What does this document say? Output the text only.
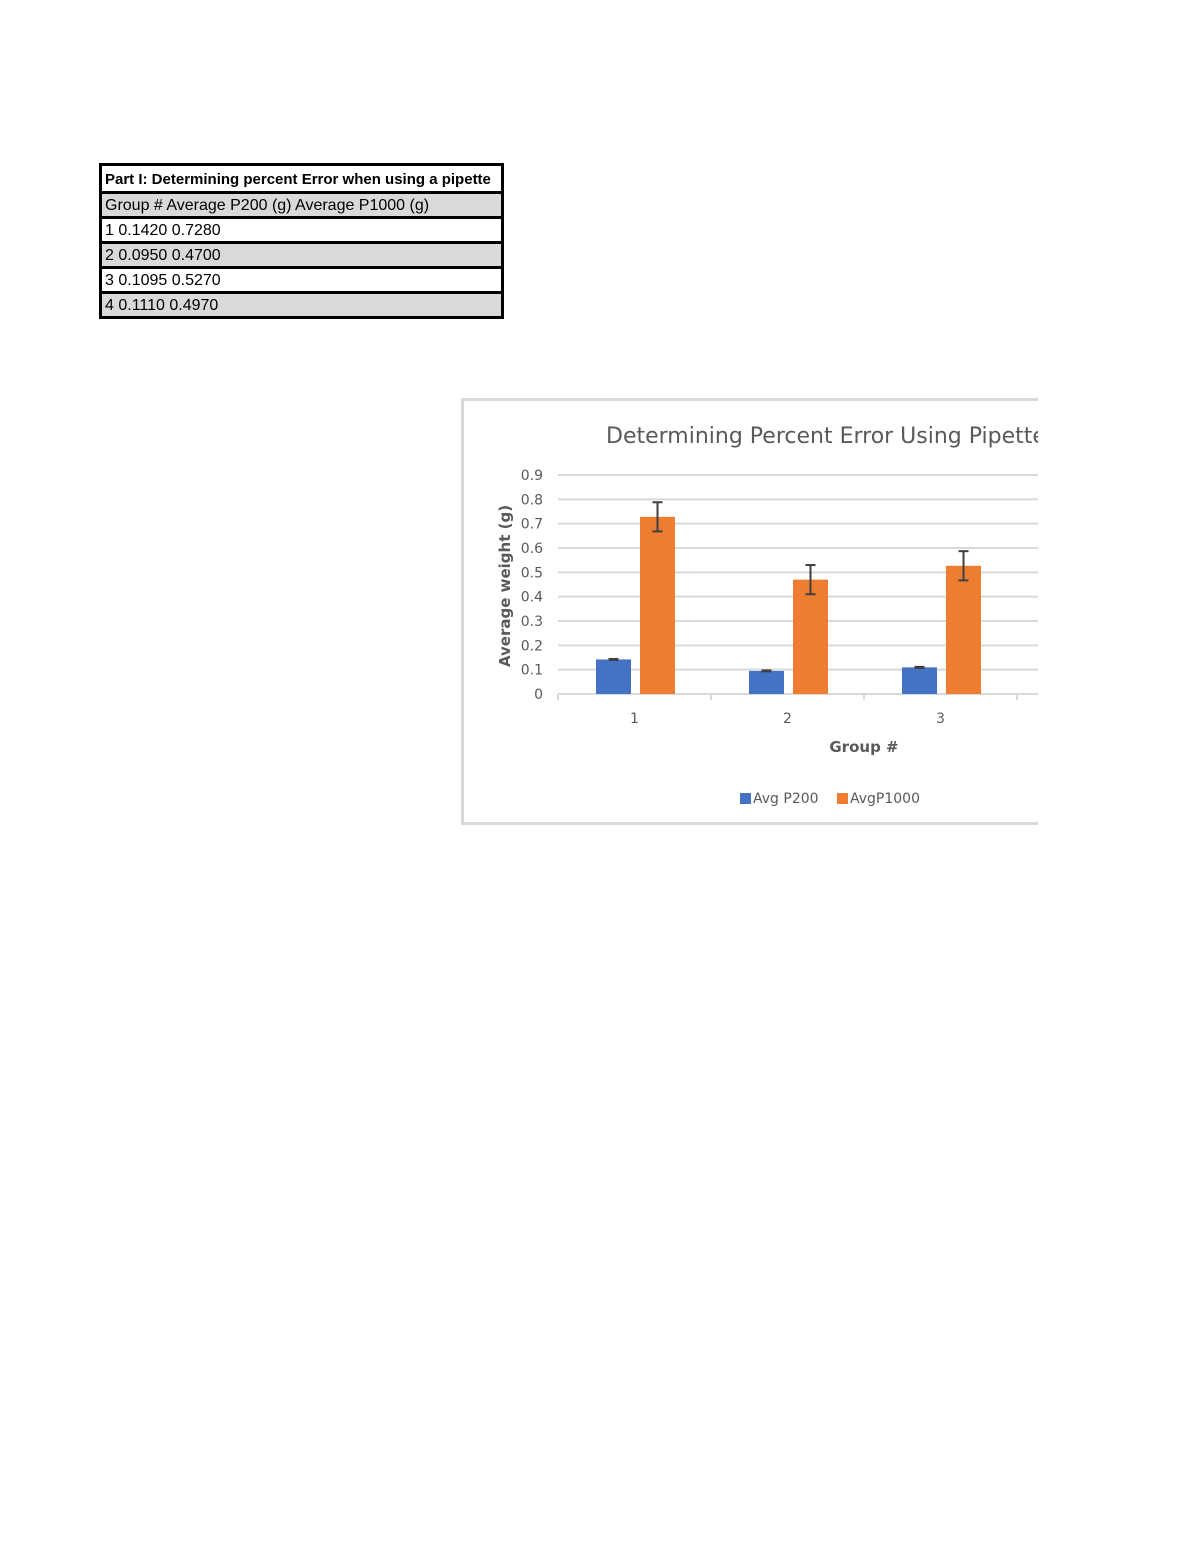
Part I: Determining percent Error when using a pipette
Group # Average P200 (g) Average P1000 (g)
1 0.1420 0.7280
2 0.0950 0.4700
3 0.1095 0.5270
4 0.1110 0.4970
0
0.1
0.2
0.3
0.4
0.5
0.6
0.7
0.8
0.9
1	2	3	4
Determining Percent Error Using Pipette
Group #
Average weight (g)
Avg P200 AvgP1000
